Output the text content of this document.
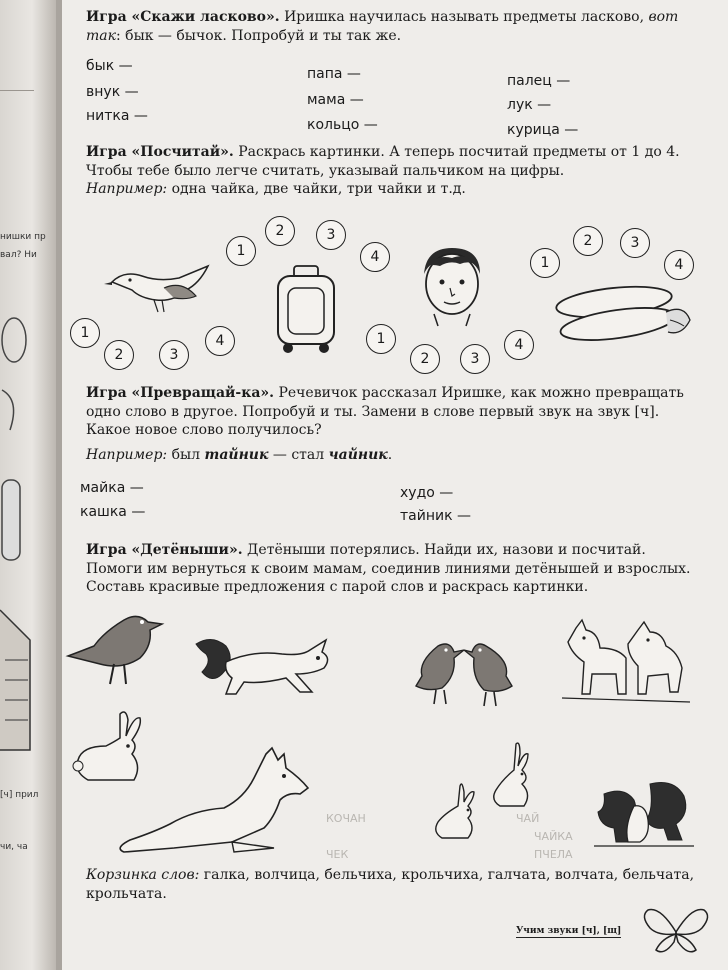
нишки пр
вал? Ни
[ч] прил
чи, ча
ЧАЙ
КОЧАН
ЧАЙКА
ЧЕК	ПЧЕЛА
Игра «Скажи ласково». Иришка научилась называть предметы ласково, вот так: бык — бычок. Попробуй и ты так же.
бык —
внук —
нитка —
папа —
мама —
кольцо —
палец —
лук —
курица —
Игра «Посчитай». Раскрась картинки. А теперь посчитай предметы от 1 до 4. Чтобы тебе было легче считать, указывай пальчиком на цифры.
Например: одна чайка, две чайки, три чайки и т.д.
1
2	3
4	1
2	3
4
1
2	3
4	1
2	3
4
Игра «Превращай-ка». Речевичок рассказал Иришке, как можно превращать одно слово в другое. Попробуй и ты. Замени в слове первый звук на звук [ч]. Какое новое слово получилось?
Например: был тайник — стал чайник.
майка —
кашка —
худо —
тайник —
Игра «Детёныши». Детёныши потерялись. Найди их, назови и посчитай. Помоги им вернуться к своим мамам, соединив линиями детёнышей и взрослых. Составь красивые предложения с парой слов и раскрась картинки.
Корзинка слов: галка, волчица, бельчиха, крольчиха, галчата, волчата, бельчата, крольчата.
Учим звуки [ч], [щ]
